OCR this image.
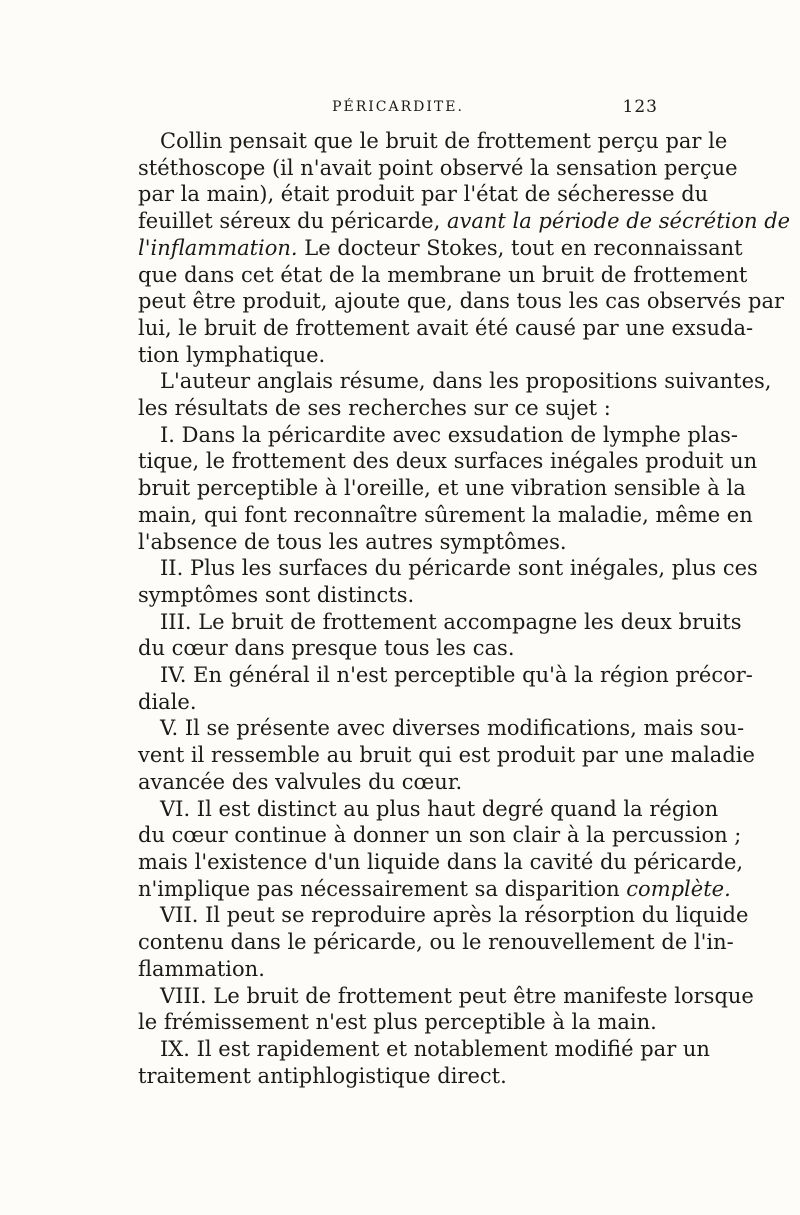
PÉRICARDITE.	123
Collin pensait que le bruit de frottement perçu par le
stéthoscope (il n'avait point observé la sensation perçue
par la main), était produit par l'état de sécheresse du
feuillet séreux du péricarde, avant la période de sécrétion de
l'inflammation. Le docteur Stokes, tout en reconnaissant
que dans cet état de la membrane un bruit de frottement
peut être produit, ajoute que, dans tous les cas observés par
lui, le bruit de frottement avait été causé par une exsuda-
tion lymphatique.
L'auteur anglais résume, dans les propositions suivantes,
les résultats de ses recherches sur ce sujet :
I. Dans la péricardite avec exsudation de lymphe plas-
tique, le frottement des deux surfaces inégales produit un
bruit perceptible à l'oreille, et une vibration sensible à la
main, qui font reconnaître sûrement la maladie, même en
l'absence de tous les autres symptômes.
II. Plus les surfaces du péricarde sont inégales, plus ces
symptômes sont distincts.
III. Le bruit de frottement accompagne les deux bruits
du cœur dans presque tous les cas.
IV. En général il n'est perceptible qu'à la région précor-
diale.
V. Il se présente avec diverses modifications, mais sou-
vent il ressemble au bruit qui est produit par une maladie
avancée des valvules du cœur.
VI. Il est distinct au plus haut degré quand la région
du cœur continue à donner un son clair à la percussion ;
mais l'existence d'un liquide dans la cavité du péricarde,
n'implique pas nécessairement sa disparition complète.
VII. Il peut se reproduire après la résorption du liquide
contenu dans le péricarde, ou le renouvellement de l'in-
flammation.
VIII. Le bruit de frottement peut être manifeste lorsque
le frémissement n'est plus perceptible à la main.
IX. Il est rapidement et notablement modifié par un
traitement antiphlogistique direct.
